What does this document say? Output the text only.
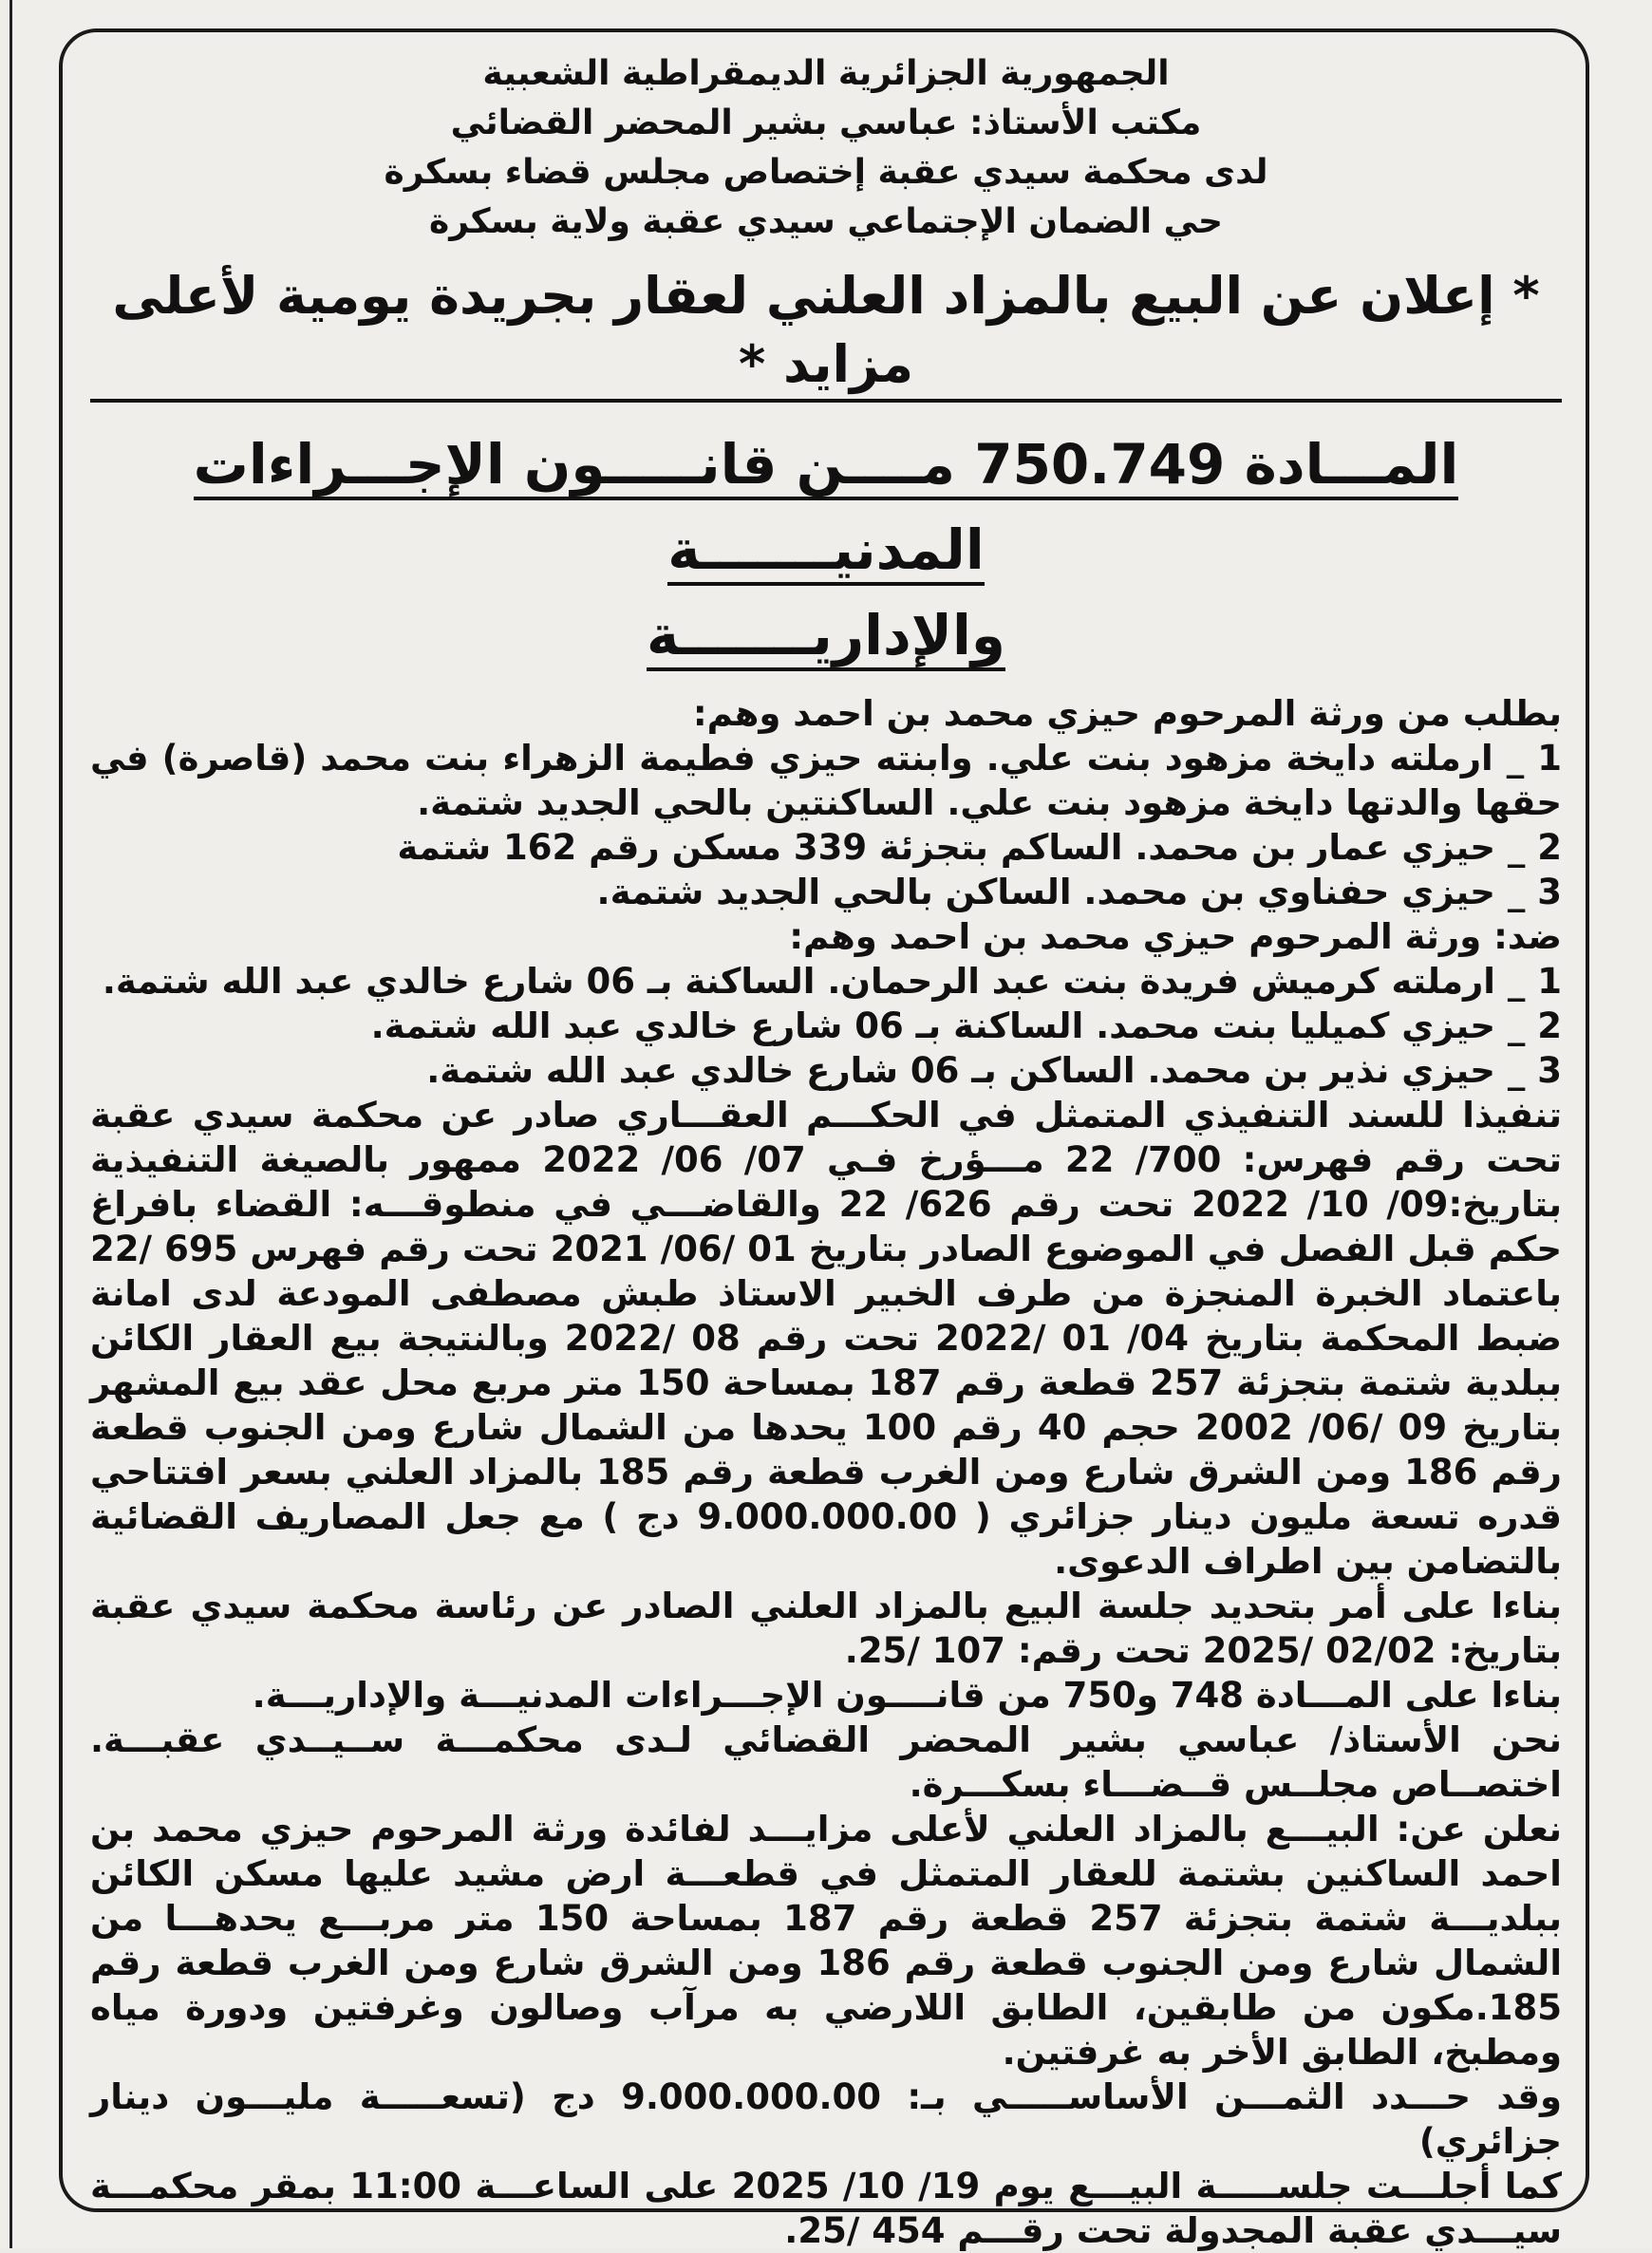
الجمهورية الجزائرية الديمقراطية الشعبية
مكتب الأستاذ: عباسي بشير المحضر القضائي
لدى محكمة سيدي عقبة إختصاص مجلس قضاء بسكرة
حي الضمان الإجتماعي سيدي عقبة ولاية بسكرة
* إعلان عن البيع بالمزاد العلني لعقار بجريدة يومية لأعلى مزايد *
المـــادة 750.749 مــــن قانـــــون الإجـــراءات المدنيـــــــة
والإداريـــــــة

بطلب من ورثة المرحوم حيزي محمد بن احمد وهم:

1 _ ارملته دايخة مزهود بنت علي. وابنته حيزي فطيمة الزهراء بنت محمد (قاصرة) في حقها والدتها دايخة مزهود بنت علي. الساكنتين بالحي الجديد شتمة.

2 _ حيزي عمار بن محمد. الساكم بتجزئة 339 مسكن رقم 162 شتمة

3 _ حيزي حفناوي بن محمد. الساكن بالحي الجديد شتمة.

ضد: ورثة المرحوم حيزي محمد بن احمد وهم:

1 _ ارملته كرميش فريدة بنت عبد الرحمان. الساكنة بـ 06 شارع خالدي عبد الله شتمة.

2 _ حيزي كميليا بنت محمد. الساكنة بـ 06 شارع خالدي عبد الله شتمة.

3 _ حيزي نذير بن محمد. الساكن بـ 06 شارع خالدي عبد الله شتمة.

تنفيذا للسند التنفيذي المتمثل في الحكـــم العقـــاري صادر عن محكمة سيدي عقبة تحت رقم فهرس: 700/ 22 مـــؤرخ فـي 07/ 06/ 2022 ممهور بالصيغة التنفيذية بتاريخ:09/ 10/ 2022 تحت رقم 626/ 22 والقاضـــي في منطوقـــه: القضاء بافراغ حكم قبل الفصل في الموضوع الصادر بتاريخ 01 /06/ 2021 تحت رقم فهرس 695 /22 باعتماد الخبرة المنجزة من طرف الخبير الاستاذ طبش مصطفى المودعة لدى امانة ضبط المحكمة بتاريخ 04/ 01 /2022 تحت رقم 08 /2022 وبالنتيجة بيع العقار الكائن ببلدية شتمة بتجزئة 257 قطعة رقم 187 بمساحة 150 متر مربع محل عقد بيع المشهر بتاريخ 09 /06/ 2002 حجم 40 رقم 100 يحدها من الشمال شارع ومن الجنوب قطعة رقم 186 ومن الشرق شارع ومن الغرب قطعة رقم 185 بالمزاد العلني بسعر افتتاحي قدره تسعة مليون دينار جزائري ( 9.000.000.00 دج ) مع جعل المصاريف القضائية بالتضامن بين اطراف الدعوى.

بناءا على أمر بتحديد جلسة البيع بالمزاد العلني الصادر عن رئاسة محكمة سيدي عقبة بتاريخ: 02/02 /2025 تحت رقم: 107 /25.

بناءا على المـــادة 748 و750 من قانــــون الإجـــراءات المدنيـــة والإداريـــة.

نحن الأستاذ/ عباسي بشير المحضر القضائي لـدى محكمـــة ســيــدي عقبـــة. اختصــاص مجلــس قــضـــاء بسكـــرة.

نعلن عن: البيـــع بالمزاد العلني لأعلى مزايـــد لفائدة ورثة المرحوم حيزي محمد بن احمد الساكنين بشتمة للعقار المتمثل في قطعـــة ارض مشيد عليها مسكن الكائن ببلديـــة شتمة بتجزئة 257 قطعة رقم 187 بمساحة 150 متر مربـــع يحدهـــا من الشمال شارع ومن الجنوب قطعة رقم 186 ومن الشرق شارع ومن الغرب قطعة رقم 185.مكون من طابقين، الطابق اللارضي به مرآب وصالون وغرفتين ودورة مياه ومطبخ، الطابق الأخر به غرفتين.

وقد حـــدد الثمـــن الأساســـــي بـ: 9.000.000.00 دج (تسعـــــة مليـــون دينار جزائري)

كما أجلـــت جلســـــة البيـــع يوم 19/ 10/ 2025 على الساعـــة 11:00 بمقر محكمـــة سيـــدي عقبة المجدولة تحت رقـــم 454 /25.
